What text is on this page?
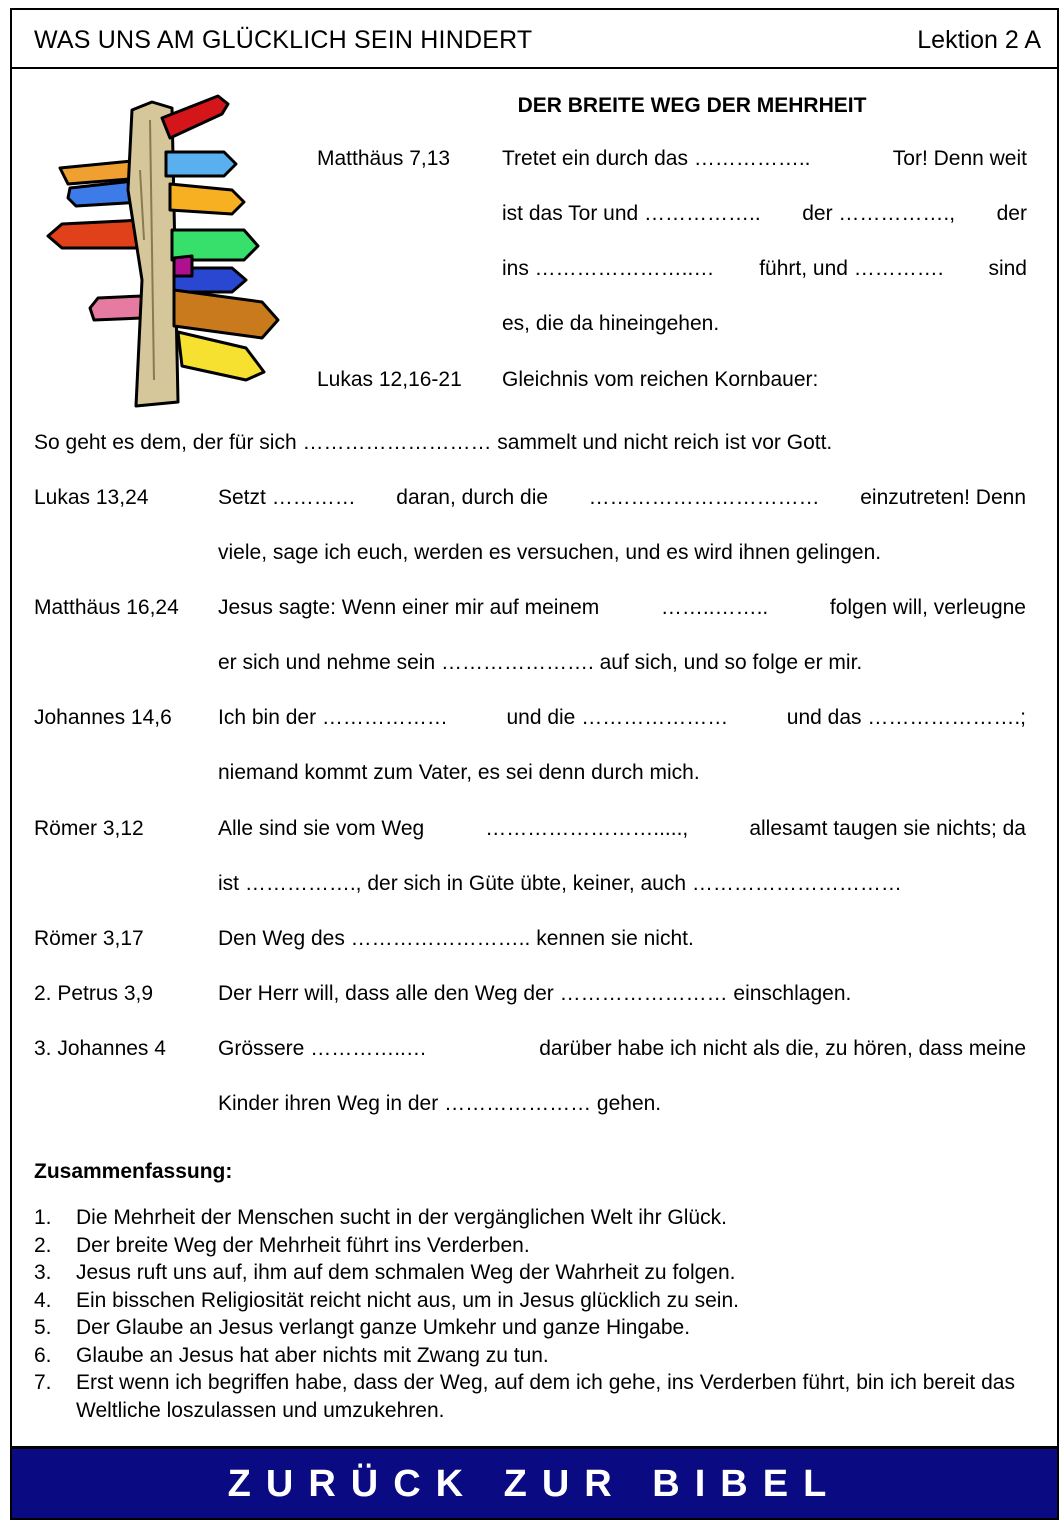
WAS UNS AM GLÜCKLICH SEIN HINDERT	Lektion 2 A
DER BREITE WEG DER MEHRHEIT
Matthäus 7,13 Tretet ein durch das ……………..	Tor! Denn weit
ist das Tor und …………….. der ……………., der
ins …………………..… führt, und …………. sind
es, die da hineingehen.
Lukas 12,16-21 Gleichnis vom reichen Kornbauer:
So geht es dem, der für sich ……………………… sammelt und nicht reich ist vor Gott.
Lukas 13,24	Setzt ………… daran, durch die …………………………… einzutreten! Denn
viele, sage ich euch, werden es versuchen, und es wird ihnen gelingen.
Matthäus 16,24 Jesus sagte: Wenn einer mir auf meinem	……..……..	folgen will, verleugne
er sich und nehme sein …………………. auf sich, und so folge er mir.
Johannes 14,6 Ich bin der ………………	und die …………………	und das ………………….;
niemand kommt zum Vater, es sei denn durch mich.
Römer 3,12	Alle sind sie vom Weg	…………………….....,	allesamt taugen sie nichts; da
ist ……………., der sich in Güte übte, keiner, auch …………………………
Römer 3,17	Den Weg des …………………….. kennen sie nicht.
2. Petrus 3,9	Der Herr will, dass alle den Weg der …………………… einschlagen.
3. Johannes 4 Grössere …………..…	darüber habe ich nicht als die, zu hören, dass meine
Kinder ihren Weg in der ………………… gehen.
Zusammenfassung:
1. Die Mehrheit der Menschen sucht in der vergänglichen Welt ihr Glück.
2. Der breite Weg der Mehrheit führt ins Verderben.
3. Jesus ruft uns auf, ihm auf dem schmalen Weg der Wahrheit zu folgen.
4. Ein bisschen Religiosität reicht nicht aus, um in Jesus glücklich zu sein.
5. Der Glaube an Jesus verlangt ganze Umkehr und ganze Hingabe.
6. Glaube an Jesus hat aber nichts mit Zwang zu tun.
7. Erst wenn ich begriffen habe, dass der Weg, auf dem ich gehe, ins Verderben führt, bin ich bereit das Weltliche loszulassen und umzukehren.
ZURÜCK ZUR BIBEL
